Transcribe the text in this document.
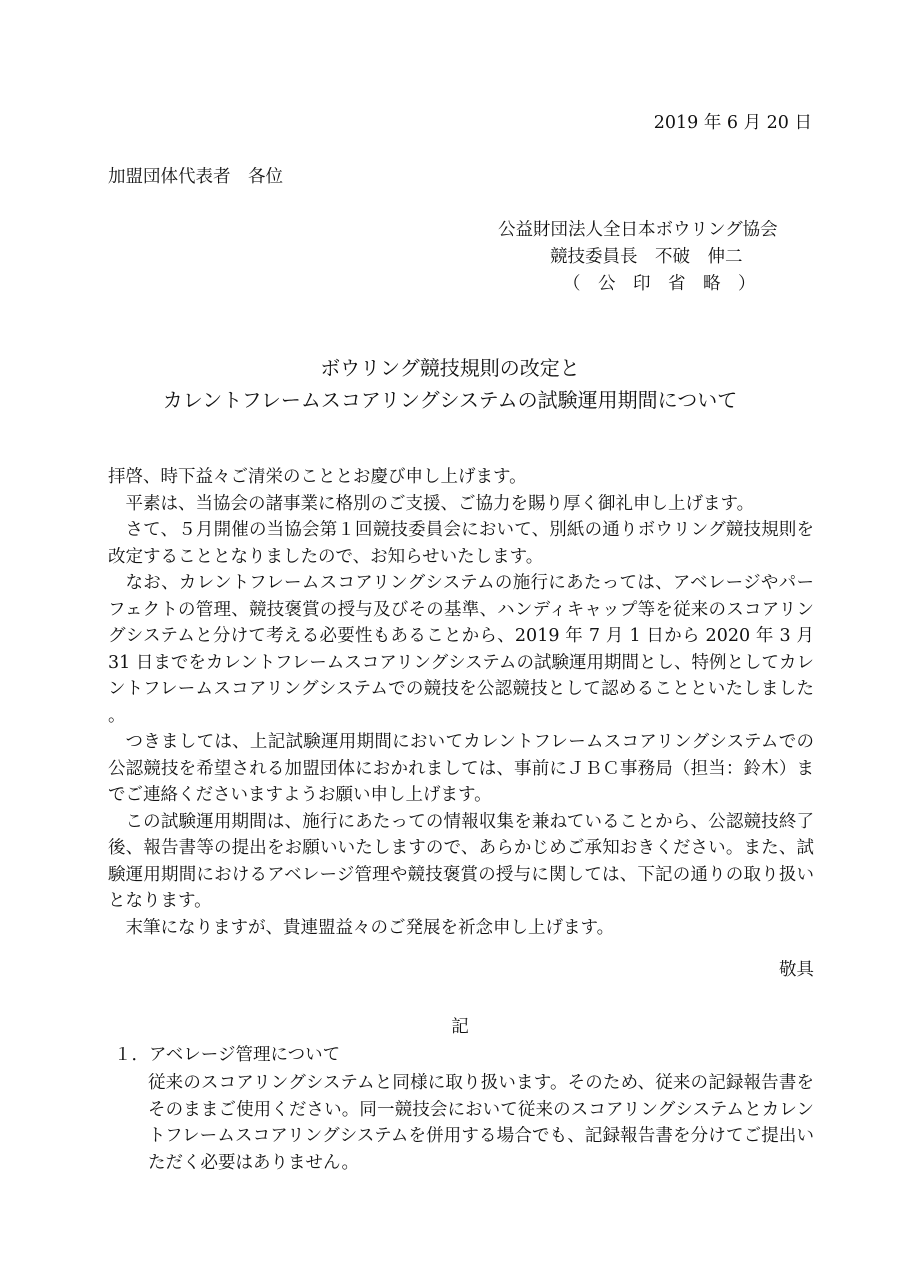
2019 年 6 月 20 日
加盟団体代表者　各位
公益財団法人全日本ボウリング協会
競技委員長　不破　伸二
（　公　印　省　略　）
ボウリング競技規則の改定と
カレントフレームスコアリングシステムの試験運用期間について

拝啓、時下益々ご清栄のこととお慶び申し上げます。

平素は、当協会の諸事業に格別のご支援、ご協力を賜り厚く御礼申し上げます。

さて、５月開催の当協会第１回競技委員会において、別紙の通りボウリング競技規則を改定することとなりましたので、お知らせいたします。

なお、カレントフレームスコアリングシステムの施行にあたっては、アベレージやパーフェクトの管理、競技褒賞の授与及びその基準、ハンディキャップ等を従来のスコアリングシステムと分けて考える必要性もあることから、2019 年 7 月 1 日から 2020 年 3 月 31 日までをカレントフレームスコアリングシステムの試験運用期間とし、特例としてカレントフレームスコアリングシステムでの競技を公認競技として認めることといたしました。

つきましては、上記試験運用期間においてカレントフレームスコアリングシステムでの公認競技を希望される加盟団体におかれましては、事前にＪＢＣ事務局（担当：鈴木）までご連絡くださいますようお願い申し上げます。

この試験運用期間は、施行にあたっての情報収集を兼ねていることから、公認競技終了後、報告書等の提出をお願いいたしますので、あらかじめご承知おきください。また、試験運用期間におけるアベレージ管理や競技褒賞の授与に関しては、下記の通りの取り扱いとなります。

末筆になりますが、貴連盟益々のご発展を祈念申し上げます。

敬具
記
１．アベレージ管理について

従来のスコアリングシステムと同様に取り扱います。そのため、従来の記録報告書をそのままご使用ください。同一競技会において従来のスコアリングシステムとカレントフレームスコアリングシステムを併用する場合でも、記録報告書を分けてご提出いただく必要はありません。
